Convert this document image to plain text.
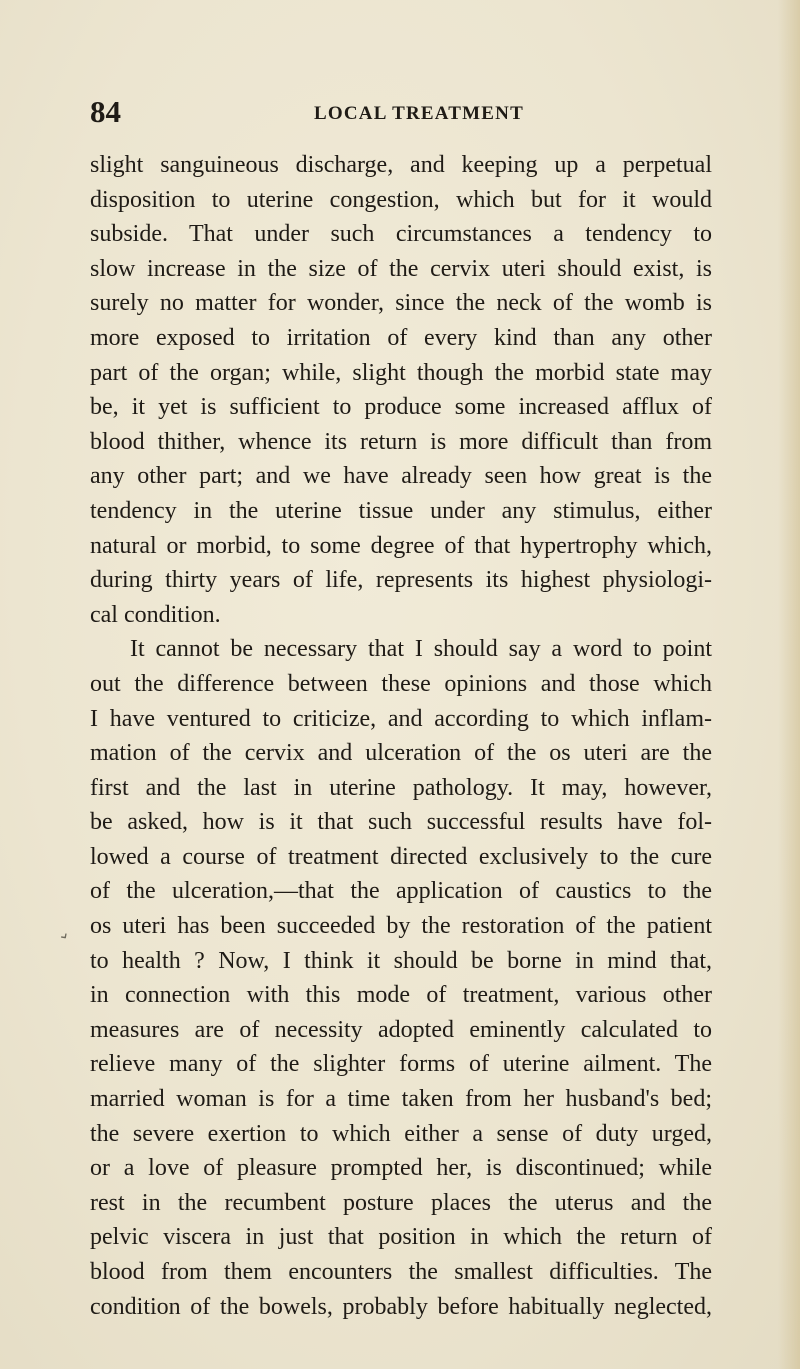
84	LOCAL TREATMENT
⌄
slight sanguineous discharge, and keeping up a perpetual
disposition to uterine congestion, which but for it would
subside. That under such circumstances a tendency to
slow increase in the size of the cervix uteri should exist, is
surely no matter for wonder, since the neck of the womb is
more exposed to irritation of every kind than any other
part of the organ; while, slight though the morbid state may
be, it yet is sufficient to produce some increased afflux of
blood thither, whence its return is more difficult than from
any other part; and we have already seen how great is the
tendency in the uterine tissue under any stimulus, either
natural or morbid, to some degree of that hypertrophy which,
during thirty years of life, represents its highest physiologi-
cal condition.
It cannot be necessary that I should say a word to point
out the difference between these opinions and those which
I have ventured to criticize, and according to which inflam-
mation of the cervix and ulceration of the os uteri are the
first and the last in uterine pathology. It may, however,
be asked, how is it that such successful results have fol-
lowed a course of treatment directed exclusively to the cure
of the ulceration,—that the application of caustics to the
os uteri has been succeeded by the restoration of the patient
to health ? Now, I think it should be borne in mind that,
in connection with this mode of treatment, various other
measures are of necessity adopted eminently calculated to
relieve many of the slighter forms of uterine ailment. The
married woman is for a time taken from her husband's bed;
the severe exertion to which either a sense of duty urged,
or a love of pleasure prompted her, is discontinued; while
rest in the recumbent posture places the uterus and the
pelvic viscera in just that position in which the return of
blood from them encounters the smallest difficulties. The
condition of the bowels, probably before habitually neglected,
